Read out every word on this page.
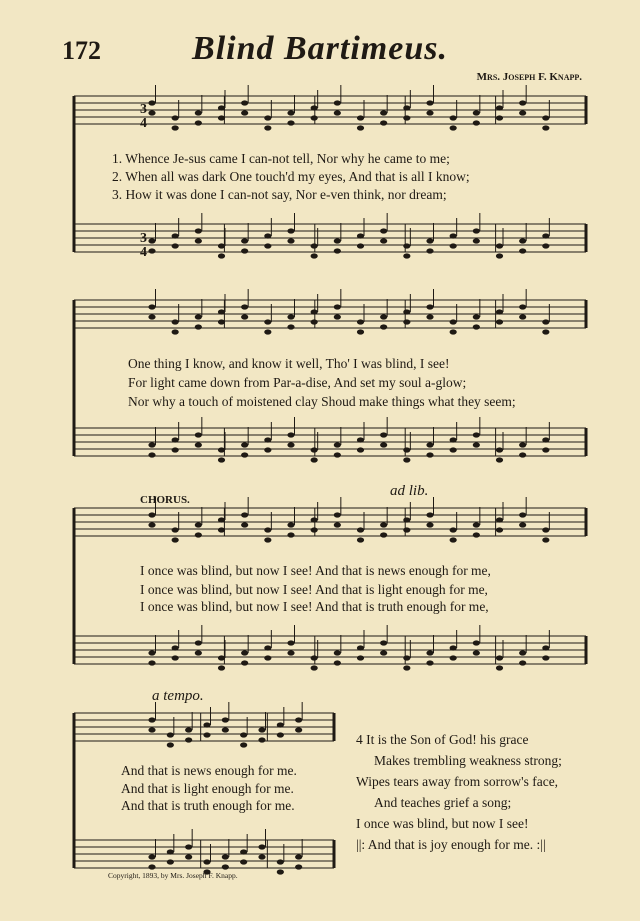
172	Blind Bartimeus.
Mrs. Joseph F. Knapp.
3
4
3
4
1. Whence Je-sus came I can-not tell, Nor why he came to me;
2. When all was dark One touch'd my eyes, And that is all I know;
3. How it was done I can-not say, Nor e-ven think, nor dream;
One thing I know, and know it well, Tho' I was blind, I see!
For light came down from Par-a-dise, And set my soul a-glow;
Nor why a touch of moistened clay Shoud make things what they seem;
CHORUS.
ad lib.
I once was blind, but now I see! And that is news enough for me,
I once was blind, but now I see! And that is light enough for me,
I once was blind, but now I see! And that is truth enough for me,
a tempo.
And that is news enough for me.
And that is light enough for me.
And that is truth enough for me.
4 It is the Son of God! his grace
Makes trembling weakness strong;
Wipes tears away from sorrow's face,
And teaches grief a song;
I once was blind, but now I see!
||: And that is joy enough for me. :||
Copyright, 1893, by Mrs. Joseph F. Knapp.
